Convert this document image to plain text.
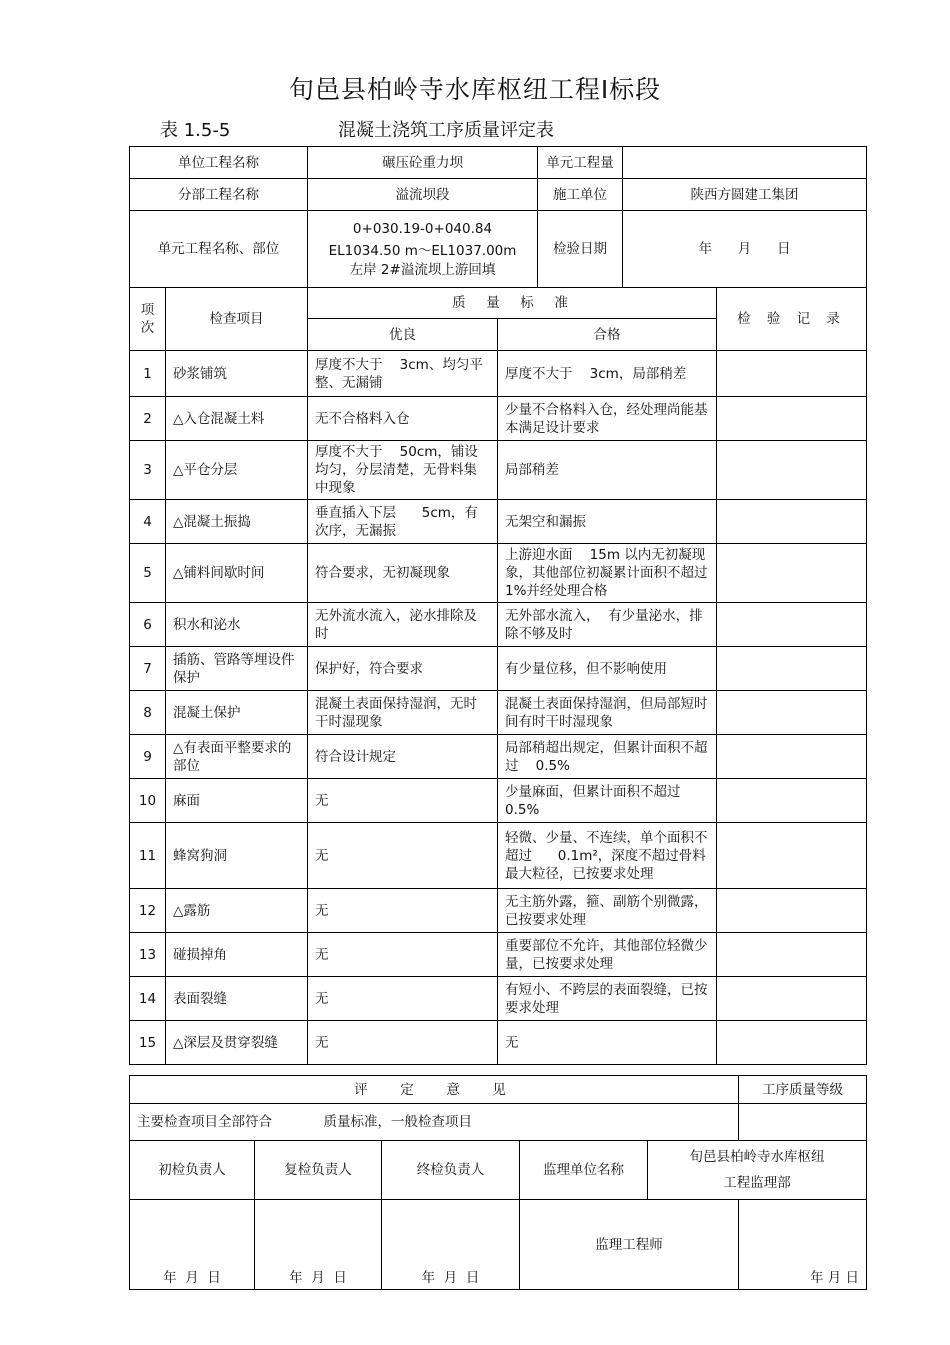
旬邑县柏岭寺水库枢纽工程Ⅰ标段
表 1.5-5	混凝土浇筑工序质量评定表
单位工程名称	碾压砼重力坝	单元工程量	
分部工程名称	溢流坝段	施工单位	陕西方圆建工集团
单元工程名称、部位	0+030.19-0+040.84
EL1034.50 m～EL1037.00m
左岸 2#溢流坝上游回填	检验日期	年      月      日
项
次	检查项目	质  量  标  准		检 验 记 录
		优良	合格	
1	砂浆铺筑	厚度不大于    3cm、均匀平整、无漏铺	厚度不大于    3cm，局部稍差	
2	△入仓混凝土料	无不合格料入仓	少量不合格料入仓，经处理尚能基本满足设计要求	
3	△平仓分层	厚度不大于    50cm，铺设均匀，分层清楚，无骨料集中现象	局部稍差	
4	△混凝土振捣	垂直插入下层      5cm，有次序，无漏振	无架空和漏振	
5	△铺料间歇时间	符合要求，无初凝现象	上游迎水面    15m 以内无初凝现象，其他部位初凝累计面积不超过    1%并经处理合格	
6	积水和泌水	无外流水流入，泌水排除及时	无外部水流入，  有少量泌水，排除不够及时	
7	插筋、管路等埋设件保护	保护好，符合要求	有少量位移，但不影响使用	
8	混凝土保护	混凝土表面保持湿润，无时干时湿现象	混凝土表面保持湿润，但局部短时间有时干时湿现象	
9	△有表面平整要求的部位	符合设计规定	局部稍超出规定，但累计面积不超过    0.5%	
10	麻面	无	少量麻面，但累计面积不超过  0.5%	
11	蜂窝狗洞	无	轻微、少量、不连续，单个面积不超过      0.1m²，深度不超过骨料最大粒径，已按要求处理	
12	△露筋	无	无主筋外露，箍、副筋个别微露，已按要求处理	
13	碰损掉角	无	重要部位不允许，其他部位轻微少量，已按要求处理	
14	表面裂缝	无	有短小、不跨层的表面裂缝，已按要求处理	
15	△深层及贯穿裂缝	无	无	
评  定  意  见					工序质量等级
主要检查项目全部符合            质量标准，一般检查项目					
初检负责人	复检负责人	终检负责人	监理单位名称	旬邑县柏岭寺水库枢纽
工程监理部	

年  月  日	年  月  日	年  月  日	监理工程师		年 月 日
